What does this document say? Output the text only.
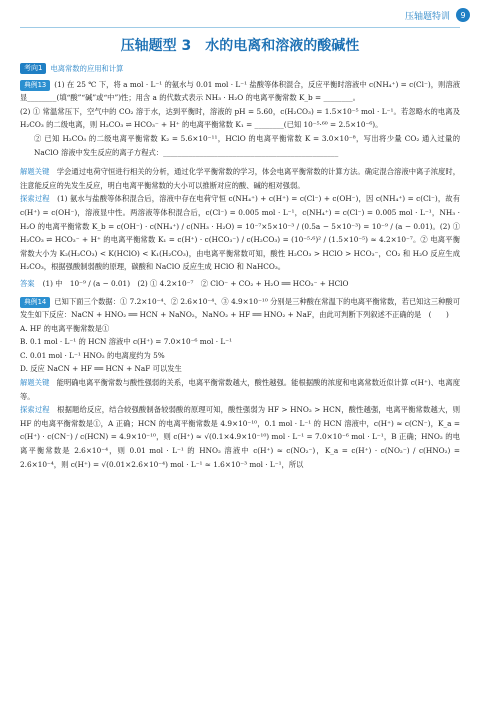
压轴题特训	9
压轴题型 3　水的电离和溶液的酸碱性
考向1	电离常数的应用和计算

典例13 (1) 在 25 ℃ 下，将 a mol · L⁻¹ 的氨水与 0.01 mol · L⁻¹ 盐酸等体积混合，反应平衡时溶液中 c(NH₄⁺) = c(Cl⁻)，则溶液显________(填“酸”“碱”或“中”)性；用含 a 的代数式表示 NH₃ · H₂O 的电离平衡常数 K_b = ________。

(2) ① 常温常压下，空气中的 CO₂ 溶于水，达到平衡时，溶液的 pH = 5.60，c(H₂CO₃) = 1.5×10⁻⁵ mol · L⁻¹。若忽略水的电离及 H₂CO₃ 的二级电离，则 H₂CO₃ ⇌ HCO₃⁻ + H⁺ 的电离平衡常数 K₁ = ________(已知 10⁻⁵·⁶⁰ = 2.5×10⁻⁶)。

② 已知 H₂CO₃ 的二级电离平衡常数 K₂ = 5.6×10⁻¹¹，HClO 的电离平衡常数 K = 3.0×10⁻⁸，写出将少量 CO₂ 通入过量的 NaClO 溶液中发生反应的离子方程式：________________________________________________

解题关键　 学会通过电荷守恒进行相关的分析，通过化学平衡常数的学习，体会电离平衡常数的计算方法。确定混合溶液中离子浓度时，注意能反应的先发生反应，明白电离平衡常数的大小可以推断对应的酸、碱的相对强弱。

探索过程　 (1) 氨水与盐酸等体积混合后，溶液中存在电荷守恒 c(NH₄⁺) + c(H⁺) = c(Cl⁻) + c(OH⁻)，因 c(NH₄⁺) = c(Cl⁻)，故有 c(H⁺) = c(OH⁻)，溶液显中性。两溶液等体积混合后，c(Cl⁻) = 0.005 mol · L⁻¹，c(NH₄⁺) = c(Cl⁻) = 0.005 mol · L⁻¹，NH₃ · H₂O 的电离平衡常数 K_b = c(OH⁻) · c(NH₄⁺) / c(NH₃ · H₂O) = 10⁻⁷×5×10⁻³ / (0.5a − 5×10⁻³) = 10⁻⁹ / (a − 0.01)。(2) ① H₂CO₃ ⇌ HCO₃⁻ + H⁺ 的电离平衡常数 K₁ = c(H⁺) · c(HCO₃⁻) / c(H₂CO₃) = (10⁻⁵·⁶)² / (1.5×10⁻⁵) ≈ 4.2×10⁻⁷。② 电离平衡常数大小为 K₂(H₂CO₃) < K(HClO) < K₁(H₂CO₃)，由电离平衡常数可知，酸性 H₂CO₃ > HClO > HCO₃⁻，CO₂ 和 H₂O 反应生成 H₂CO₃，根据强酸制弱酸的原理，碳酸和 NaClO 反应生成 HClO 和 NaHCO₃。

答案 (1) 中　10⁻⁹ / (a − 0.01)　(2) ① 4.2×10⁻⁷　② ClO⁻ + CO₂ + H₂O ══ HCO₃⁻ + HClO

典例14 已知下面三个数据：① 7.2×10⁻⁴、② 2.6×10⁻⁴、③ 4.9×10⁻¹⁰ 分别是三种酸在常温下的电离平衡常数，若已知这三种酸可发生如下反应：NaCN + HNO₂ ══ HCN + NaNO₂，NaNO₂ + HF ══ HNO₂ + NaF，由此可判断下列叙述不正确的是　 (　　)

A. HF 的电离平衡常数是①

B. 0.1 mol · L⁻¹ 的 HCN 溶液中 c(H⁺) = 7.0×10⁻⁶ mol · L⁻¹

C. 0.01 mol · L⁻¹ HNO₂ 的电离度约为 5%

D. 反应 NaCN + HF ══ HCN + NaF 可以发生

解题关键　 能明确电离平衡常数与酸性强弱的关系，电离平衡常数越大，酸性越强。能根据酸的浓度和电离常数近似计算 c(H⁺)、电离度等。

探索过程　 根据题给反应，结合较强酸制备较弱酸的原理可知，酸性强弱为 HF > HNO₂ > HCN，酸性越强，电离平衡常数越大，则 HF 的电离平衡常数是①，A 正确；HCN 的电离平衡常数是 4.9×10⁻¹⁰，0.1 mol · L⁻¹ 的 HCN 溶液中，c(H⁺) ≈ c(CN⁻)，K_a = c(H⁺) · c(CN⁻) / c(HCN) = 4.9×10⁻¹⁰，则 c(H⁺) ≈ √(0.1×4.9×10⁻¹⁰) mol · L⁻¹ = 7.0×10⁻⁶ mol · L⁻¹，B 正确；HNO₂ 的电离平衡常数是 2.6×10⁻⁴，则 0.01 mol · L⁻¹ 的 HNO₂ 溶液中 c(H⁺) ≈ c(NO₂⁻)，K_a = c(H⁺) · c(NO₂⁻) / c(HNO₂) = 2.6×10⁻⁴，则 c(H⁺) = √(0.01×2.6×10⁻⁴) mol · L⁻¹ ≈ 1.6×10⁻³ mol · L⁻¹，所以
